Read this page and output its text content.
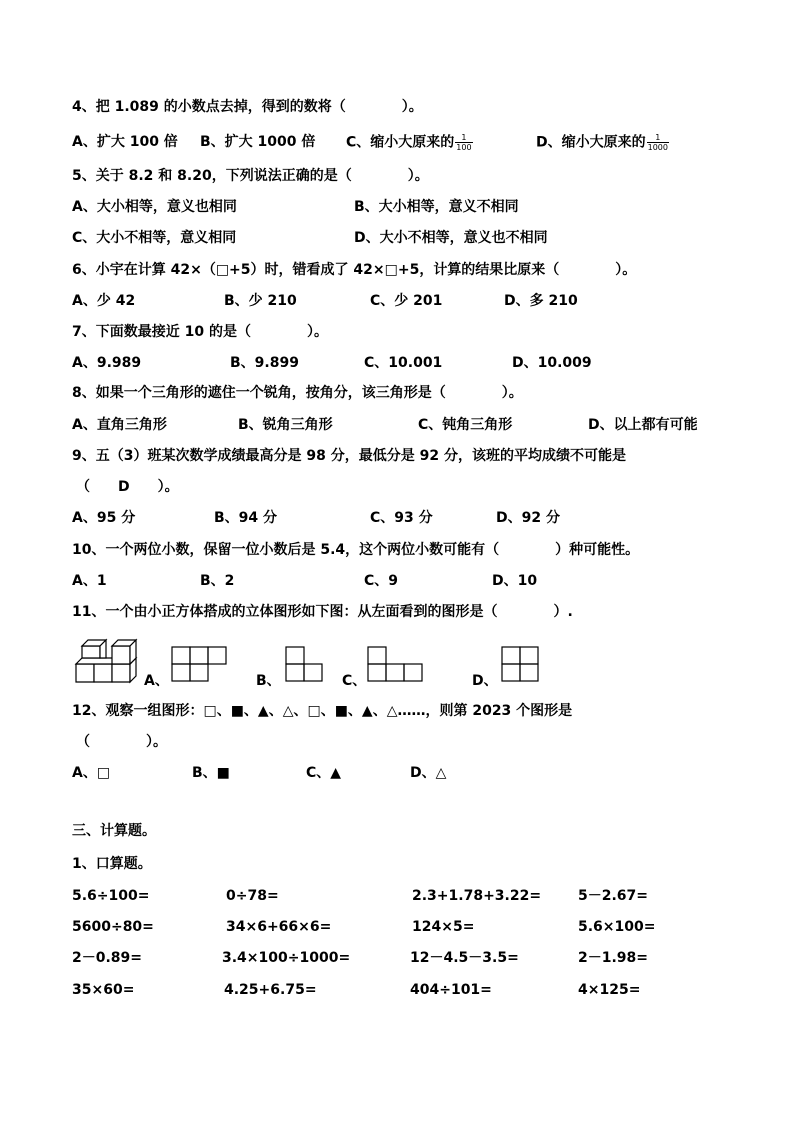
4、把 1.089 的小数点去掉，得到的数将（　　　　）。
A、扩大 100 倍 B、扩大 1000 倍 C、缩小大原来的 $\frac{1}{100}$	D、缩小大原来的 $\frac{1}{1000}$
5、关于 8.2 和 8.20，下列说法正确的是（　　　　）。
A、大小相等，意义也相同	B、大小相等，意义不相同
C、大小不相等，意义相同	D、大小不相等，意义也不相同
6、小宇在计算 42×（□+5）时，错看成了 42×□+5，计算的结果比原来（　　　　）。
A、少 42	B、少 210	C、少 201	D、多 210
7、下面数最接近 10 的是（　　　　）。
A、9.989	B、9.899	C、10.001	D、10.009
8、如果一个三角形的遮住一个锐角，按角分，该三角形是（　　　　）。
A、直角三角形	B、锐角三角形	C、钝角三角形	D、以上都有可能
9、五（3）班某次数学成绩最高分是 98 分，最低分是 92 分，该班的平均成绩不可能是
（　　D　　）。
A、95 分	B、94 分	C、93 分	D、92 分
10、一个两位小数，保留一位小数后是 5.4，这个两位小数可能有（　　　　）种可能性。
A、1	B、2	C、9	D、10
11、一个由小正方体搭成的立体图形如下图：从左面看到的图形是（　　　　）.
A、	B、	C、	D、
12、观察一组图形：□、■、▲、△、□、■、▲、△……，则第 2023 个图形是
（　　　　）。
A、□	B、■	C、▲	D、△
三、计算题。
1、口算题。
5.6÷100=	0÷78=	2.3+1.78+3.22=	5－2.67=
5600÷80=	34×6+66×6=	124×5=	5.6×100=
2－0.89=	3.4×100÷1000=	12－4.5－3.5=	2－1.98=
35×60=	4.25+6.75=	404÷101=	4×125=
